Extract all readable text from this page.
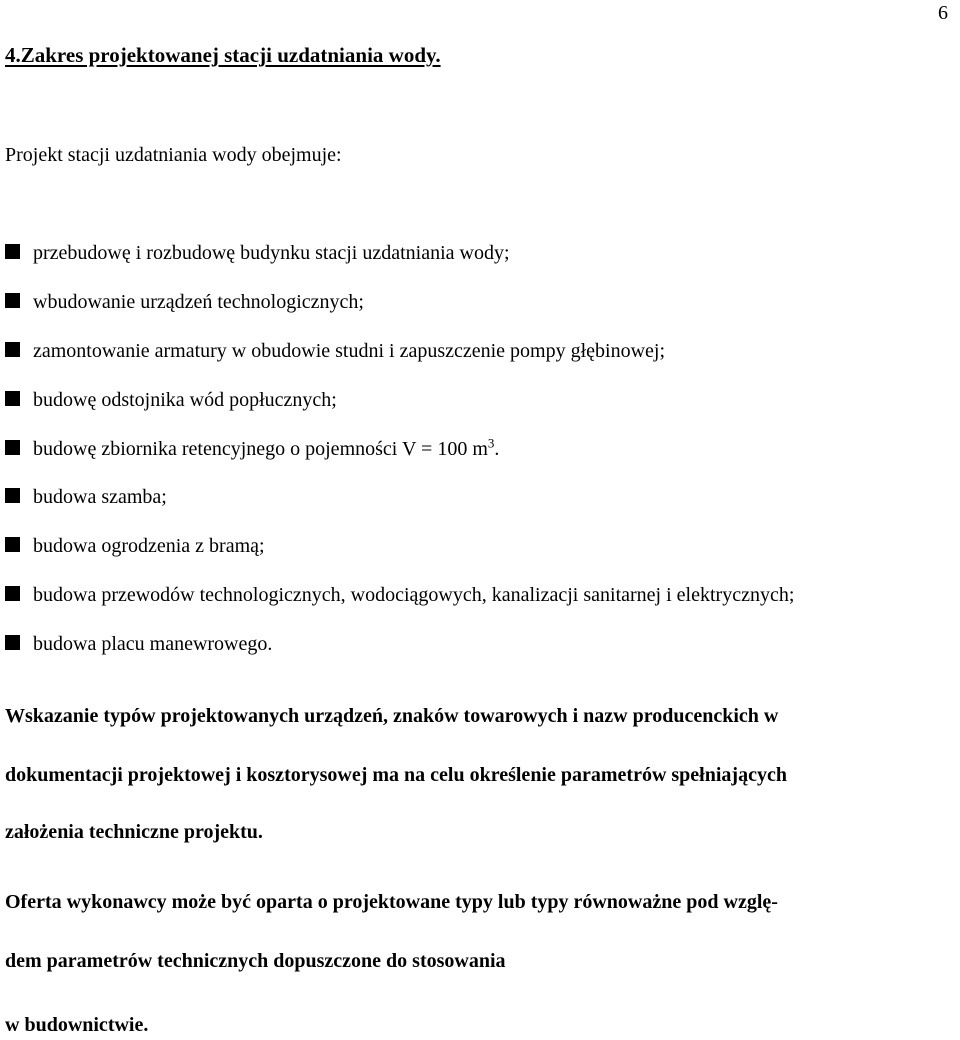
6
4.Zakres projektowanej stacji uzdatniania wody.
Projekt stacji uzdatniania wody obejmuje:
przebudowę i rozbudowę budynku stacji uzdatniania wody;
wbudowanie urządzeń technologicznych;
zamontowanie armatury w obudowie studni i zapuszczenie pompy głębinowej;
budowę odstojnika wód popłucznych;
budowę zbiornika retencyjnego o pojemności V = 100 $m^3$.
budowa szamba;
budowa ogrodzenia z bramą;
budowa przewodów technologicznych, wodociągowych, kanalizacji sanitarnej i elektrycznych;
budowa placu manewrowego.

Wskazanie typów projektowanych urządzeń, znaków towarowych i nazw producenckich w

dokumentacji projektowej i kosztorysowej ma na celu określenie parametrów spełniających

założenia techniczne projektu.

Oferta wykonawcy może być oparta o projektowane typy lub typy równoważne pod wzglę-

dem parametrów technicznych dopuszczone do stosowania

w budownictwie.
